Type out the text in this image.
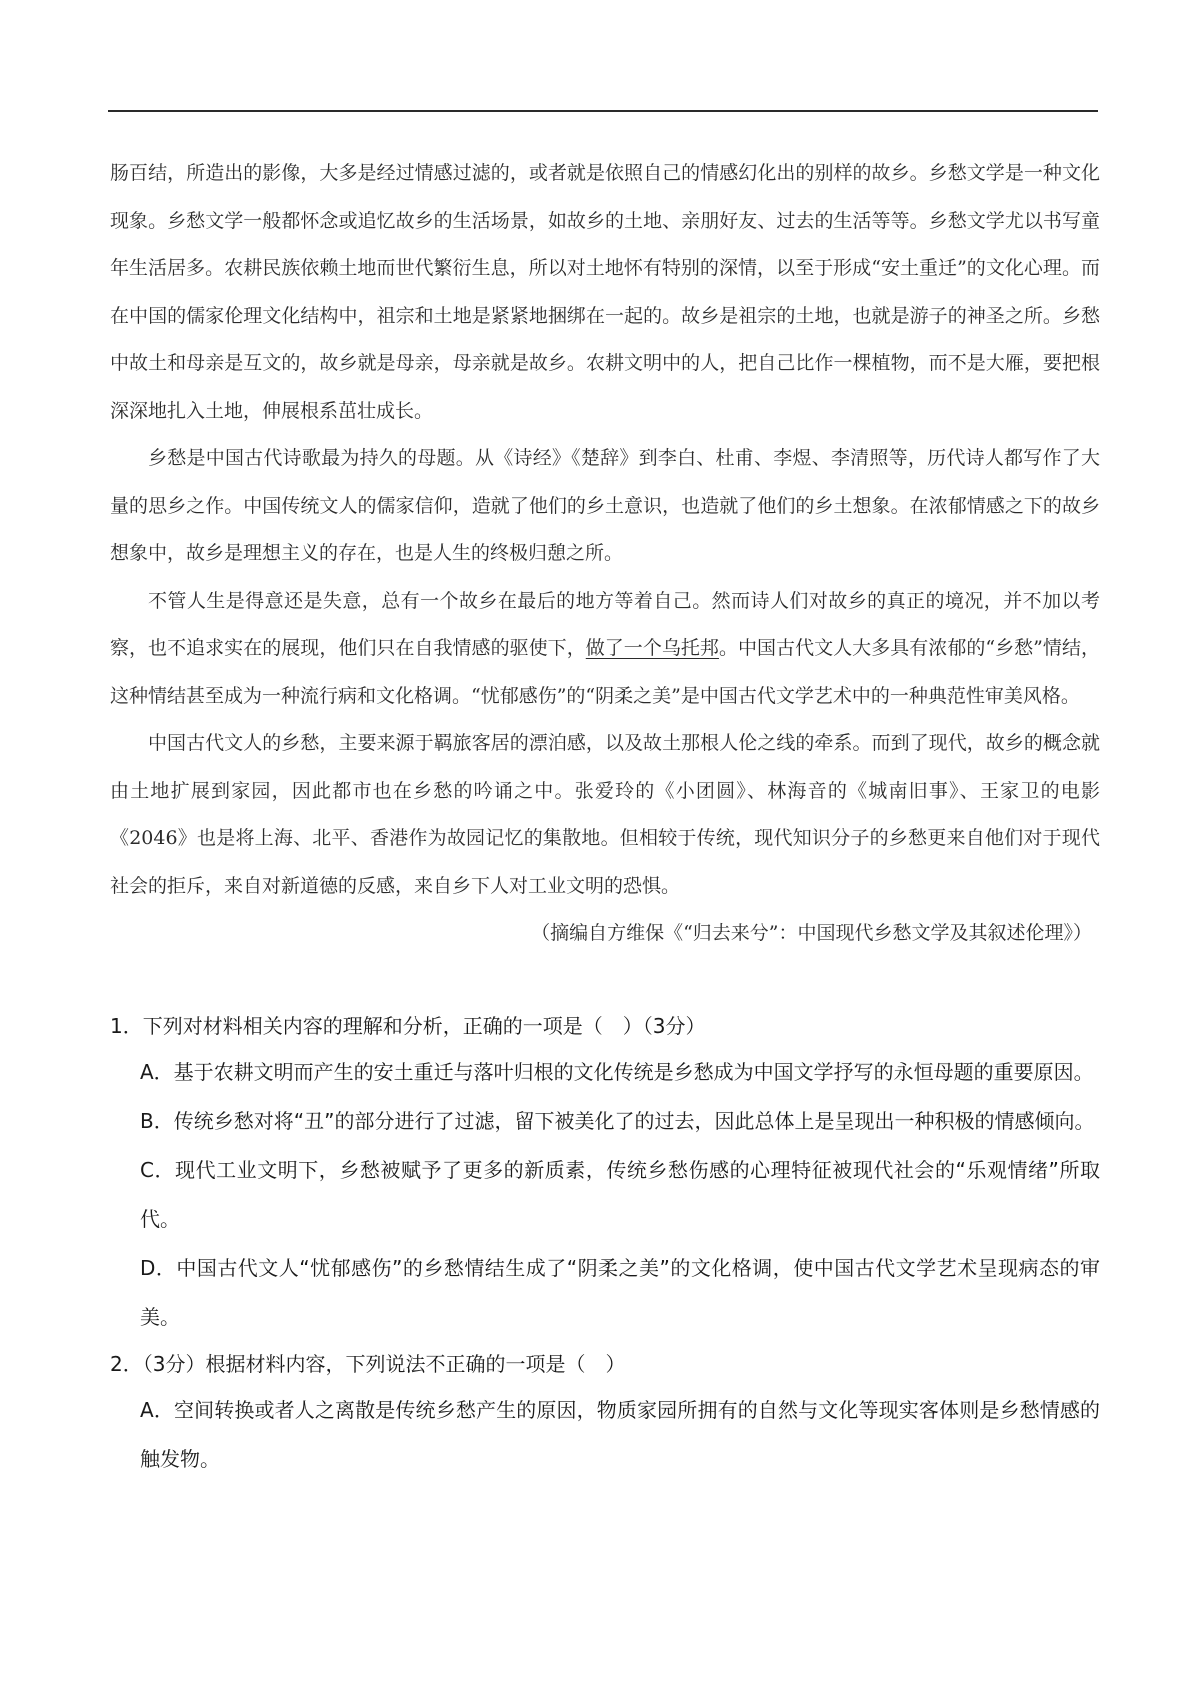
肠百结，所造出的影像，大多是经过情感过滤的，或者就是依照自己的情感幻化出的别样的故乡。乡愁文学是一种文化现象。乡愁文学一般都怀念或追忆故乡的生活场景，如故乡的土地、亲朋好友、过去的生活等等。乡愁文学尤以书写童年生活居多。农耕民族依赖土地而世代繁衍生息，所以对土地怀有特别的深情，以至于形成“安土重迁”的文化心理。而在中国的儒家伦理文化结构中，祖宗和土地是紧紧地捆绑在一起的。故乡是祖宗的土地，也就是游子的神圣之所。乡愁中故土和母亲是互文的，故乡就是母亲，母亲就是故乡。农耕文明中的人，把自己比作一棵植物，而不是大雁，要把根深深地扎入土地，伸展根系茁壮成长。

乡愁是中国古代诗歌最为持久的母题。从《诗经》《楚辞》到李白、杜甫、李煜、李清照等，历代诗人都写作了大量的思乡之作。中国传统文人的儒家信仰，造就了他们的乡土意识，也造就了他们的乡土想象。在浓郁情感之下的故乡想象中，故乡是理想主义的存在，也是人生的终极归憩之所。

不管人生是得意还是失意，总有一个故乡在最后的地方等着自己。然而诗人们对故乡的真正的境况，并不加以考察，也不追求实在的展现，他们只在自我情感的驱使下，做了一个乌托邦。中国古代文人大多具有浓郁的“乡愁”情结，这种情结甚至成为一种流行病和文化格调。“忧郁感伤”的“阴柔之美”是中国古代文学艺术中的一种典范性审美风格。

中国古代文人的乡愁，主要来源于羁旅客居的漂泊感，以及故土那根人伦之线的牵系。而到了现代，故乡的概念就由土地扩展到家园，因此都市也在乡愁的吟诵之中。张爱玲的《小团圆》、林海音的《城南旧事》、王家卫的电影《2046》也是将上海、北平、香港作为故园记忆的集散地。但相较于传统，现代知识分子的乡愁更来自他们对于现代社会的拒斥，来自对新道德的反感，来自乡下人对工业文明的恐惧。

（摘编自方维保《“归去来兮”：中国现代乡愁文学及其叙述伦理》）

1．下列对材料相关内容的理解和分析，正确的一项是（　）（3分）

A．基于农耕文明而产生的安土重迁与落叶归根的文化传统是乡愁成为中国文学抒写的永恒母题的重要原因。

B．传统乡愁对将“丑”的部分进行了过滤，留下被美化了的过去，因此总体上是呈现出一种积极的情感倾向。

C．现代工业文明下，乡愁被赋予了更多的新质素，传统乡愁伤感的心理特征被现代社会的“乐观情绪”所取代。

D．中国古代文人“忧郁感伤”的乡愁情结生成了“阴柔之美”的文化格调，使中国古代文学艺术呈现病态的审美。

2．（3分）根据材料内容，下列说法不正确的一项是（　）

A．空间转换或者人之离散是传统乡愁产生的原因，物质家园所拥有的自然与文化等现实客体则是乡愁情感的触发物。
